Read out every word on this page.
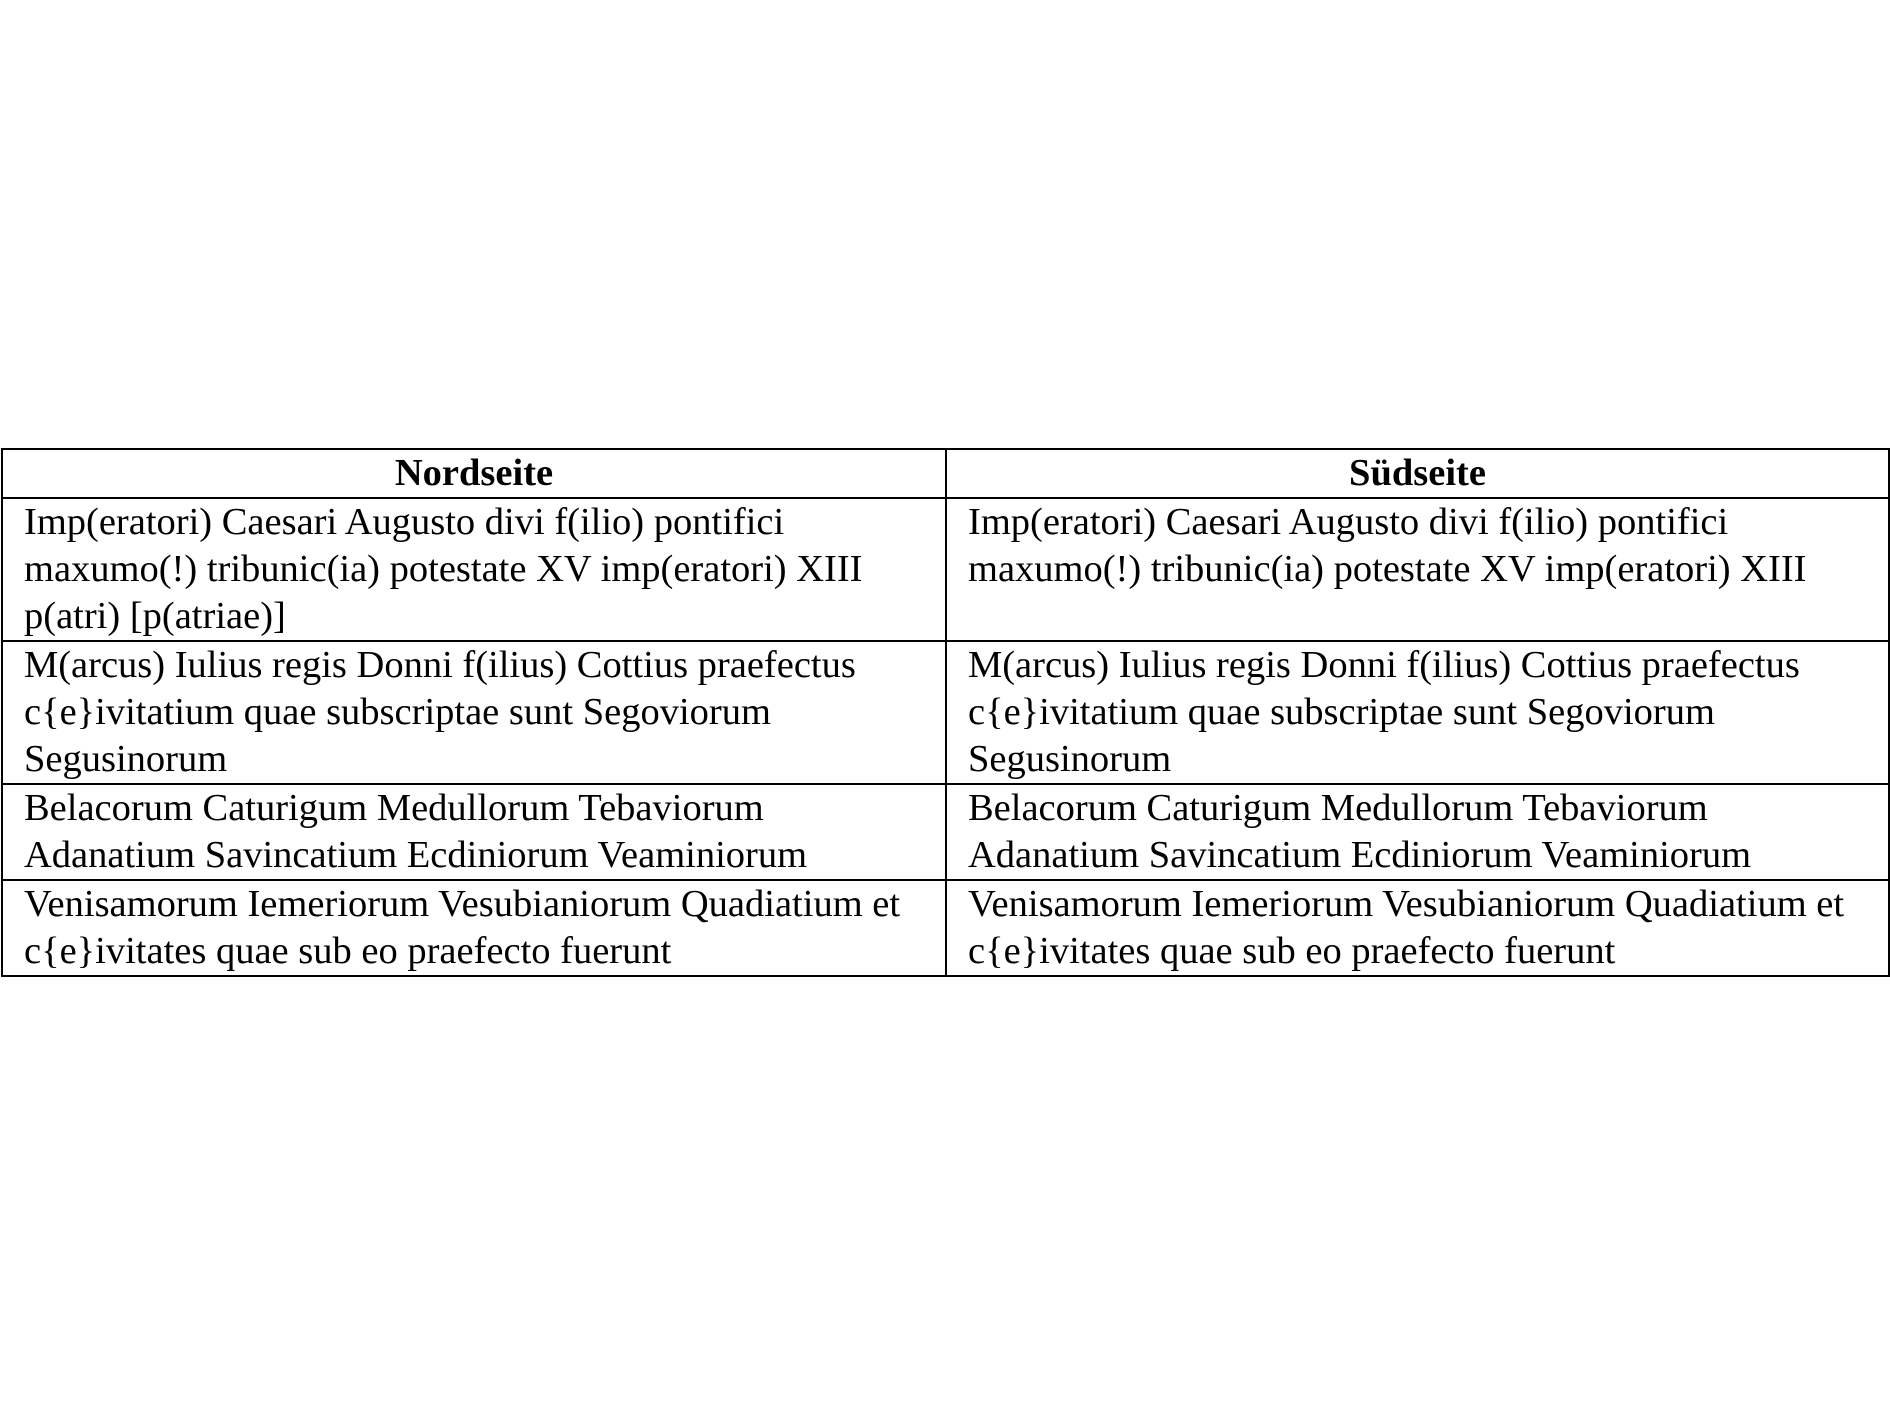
Nordseite	Südseite
Imp(eratori) Caesari Augusto divi f(ilio) pontifici maxumo(!) tribunic(ia) potestate XV imp(eratori) XIII p(atri) [p(atriae)]	Imp(eratori) Caesari Augusto divi f(ilio) pontifici maxumo(!) tribunic(ia) potestate XV imp(eratori) XIII
M(arcus) Iulius regis Donni f(ilius) Cottius praefectus c{e}ivitatium quae subscriptae sunt Segoviorum Segusinorum	M(arcus) Iulius regis Donni f(ilius) Cottius praefectus c{e}ivitatium quae subscriptae sunt Segoviorum Segusinorum
Belacorum Caturigum Medullorum Tebaviorum Adanatium Savincatium Ecdiniorum Veaminiorum	Belacorum Caturigum Medullorum Tebaviorum Adanatium Savincatium Ecdiniorum Veaminiorum
Venisamorum Iemeriorum Vesubianiorum Quadiatium et c{e}ivitates quae sub eo praefecto fuerunt	Venisamorum Iemeriorum Vesubianiorum Quadiatium et c{e}ivitates quae sub eo praefecto fuerunt
